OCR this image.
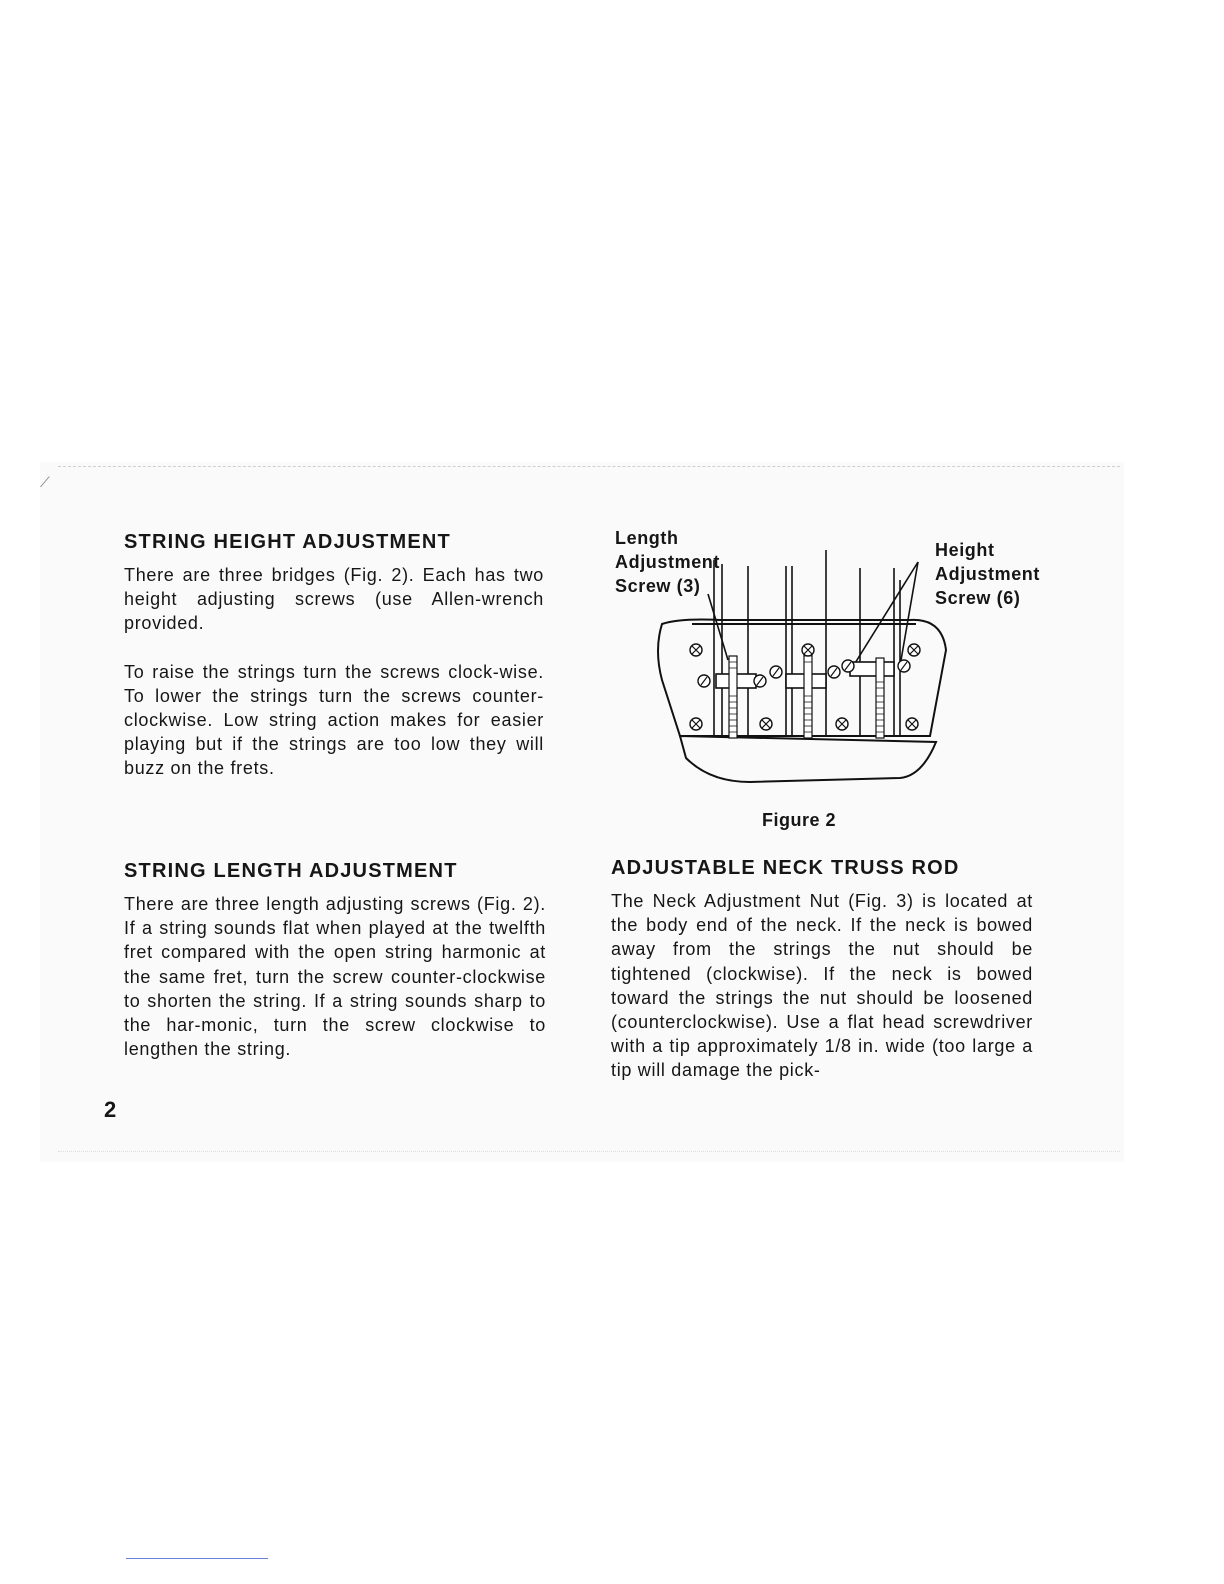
⟋
STRING HEIGHT ADJUSTMENT

There are three bridges (Fig. 2). Each has two height adjusting screws (use Allen-wrench provided.

To raise the strings turn the screws clock-wise. To lower the strings turn the screws counter-clockwise. Low string action makes for easier playing but if the strings are too low they will buzz on the frets.

STRING LENGTH ADJUSTMENT

There are three length adjusting screws (Fig. 2). If a string sounds flat when played at the twelfth fret compared with the open string harmonic at the same fret, turn the screw counter-clockwise to shorten the string. If a string sounds sharp to the har-monic, turn the screw clockwise to lengthen the string.

ADJUSTABLE NECK TRUSS ROD

The Neck Adjustment Nut (Fig. 3) is located at the body end of the neck. If the neck is bowed away from the strings the nut should be tightened (clockwise). If the neck is bowed toward the strings the nut should be loosened (counterclockwise). Use a flat head screwdriver with a tip approximately 1/8 in. wide (too large a tip will damage the pick-

Length
Adjustment
Screw (3)
Height
Adjustment
Screw (6)
Figure 2
2
